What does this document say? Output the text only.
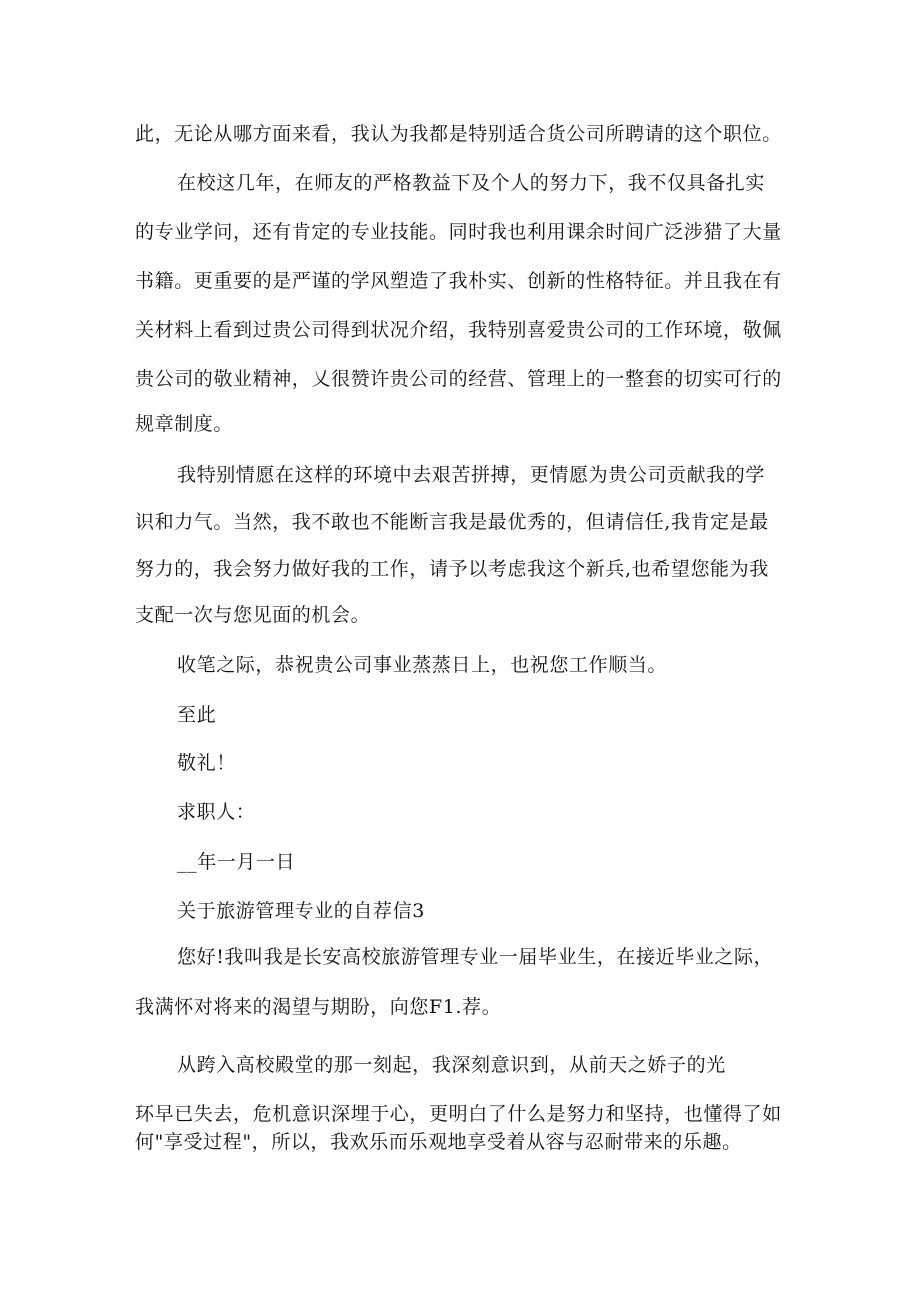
此，无论从哪方面来看，我认为我都是特别适合货公司所聘请的这个职位。
在校这几年，在师友的严格教益下及个人的努力下，我不仅具备扎实
的专业学问，还有肯定的专业技能。同时我也利用课余时间广泛涉猎了大量
书籍。更重要的是严谨的学风塑造了我朴实、创新的性格特征。并且我在有
关材料上看到过贵公司得到状况介绍，我特别喜爱贵公司的工作环境，敬佩
贵公司的敬业精神，乂很赞许贵公司的经营、管理上的一整套的切实可行的
规章制度。
我特别情愿在这样的环境中去艰苦拼搏，更情愿为贵公司贡献我的学
识和力气。当然，我不敢也不能断言我是最优秀的，但请信任,我肯定是最
努力的，我会努力做好我的工作，请予以考虑我这个新兵,也希望您能为我
支配一次与您见面的机会。
收笔之际，恭祝贵公司事业蒸蒸日上，也祝您工作顺当。
至此
敬礼！
求职人：
__年一月一日
关于旅游管理专业的自荐信3
您好!我叫我是长安高校旅游管理专业一届毕业生，在接近毕业之际，
我满怀对将来的渴望与期盼，向您F1.荐。
从跨入高校殿堂的那一刻起，我深刻意识到，从前天之娇子的光
环早已失去，危机意识深埋于心，更明白了什么是努力和坚持，也懂得了如
何"享受过程"，所以，我欢乐而乐观地享受着从容与忍耐带来的乐趣。
